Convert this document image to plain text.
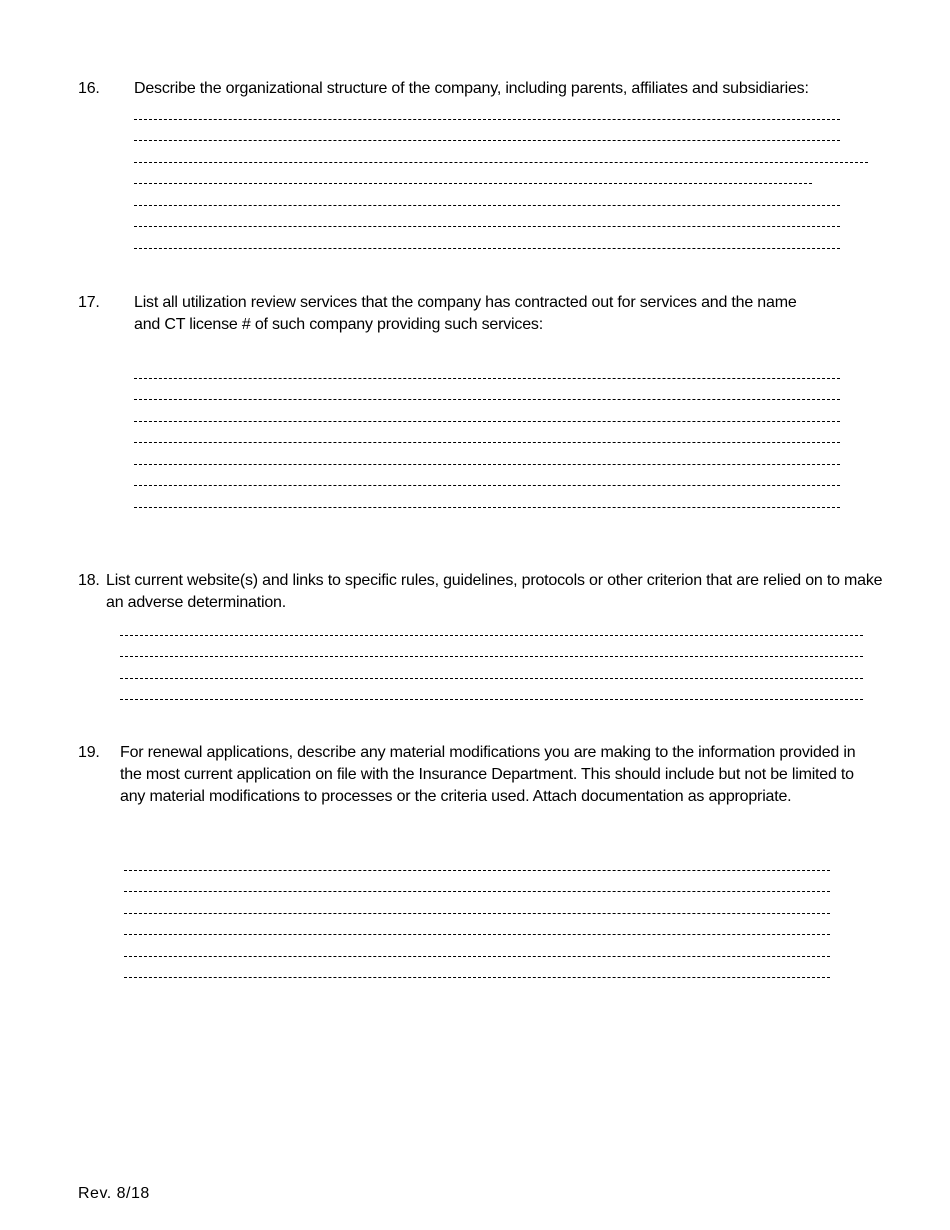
16. Describe the organizational structure of the company, including parents, affiliates and subsidiaries:
17. List all utilization review services that the company has contracted out for services and the name and CT license # of such company providing such services:
18. List current website(s) and links to specific rules, guidelines, protocols or other criterion that are relied on to make an adverse determination.
19. For renewal applications, describe any material modifications you are making to the information provided in the most current application on file with the Insurance Department. This should include but not be limited to any material modifications to processes or the criteria used. Attach documentation as appropriate.
Rev. 8/18
